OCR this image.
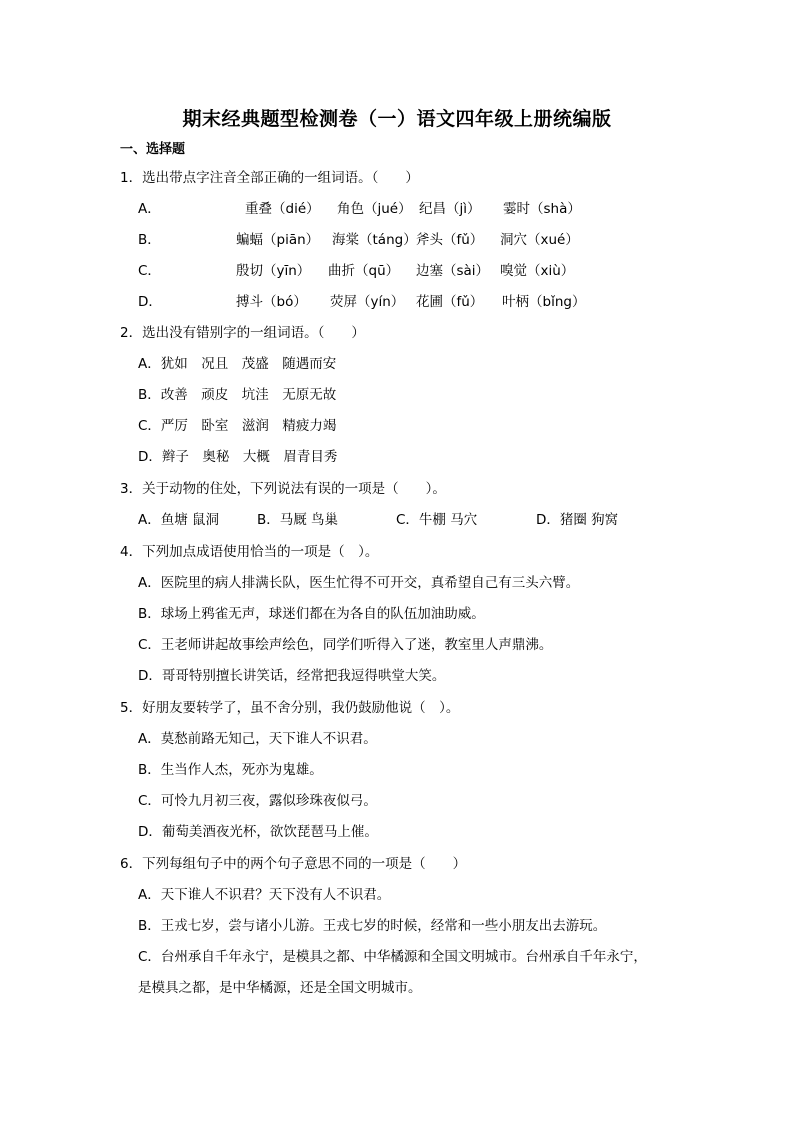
期末经典题型检测卷（一）语文四年级上册统编版
一、选择题
1．选出带点字注音全部正确的一组词语。（　　）
A．	重叠（dié）	角色（jué） 纪昌（jì）	霎时（shà）
B．	蝙蝠（piān） 海棠（táng） 斧头（fǔ）	洞穴（xué）
C．	殷切（yīn）	曲折（qū）	边塞（sài） 嗅觉（xiù）
D．	搏斗（bó）	荧屏（yín） 花圃（fǔ）	叶柄（bǐng）
2．选出没有错别字的一组词语。（　　）
A．犹如　况且　茂盛　随遇而安
B．改善　顽皮　坑洼　无原无故
C．严厉　卧室　滋润　精疲力竭
D．辫子　奥秘　大概　眉青目秀
3．关于动物的住处，下列说法有误的一项是（　　）。
A．鱼塘 鼠洞	B．马厩 鸟巢	C．牛棚 马穴	D．猪圈 狗窝
4．下列加点成语使用恰当的一项是（　）。
A．医院里的病人排满长队，医生忙得不可开交，真希望自己有三头六臂。
B．球场上鸦雀无声，球迷们都在为各自的队伍加油助威。
C．王老师讲起故事绘声绘色，同学们听得入了迷，教室里人声鼎沸。
D．哥哥特别擅长讲笑话，经常把我逗得哄堂大笑。
5．好朋友要转学了，虽不舍分别，我仍鼓励他说（　）。
A．莫愁前路无知己，天下谁人不识君。
B．生当作人杰，死亦为鬼雄。
C．可怜九月初三夜，露似珍珠夜似弓。
D．葡萄美酒夜光杯，欲饮琵琶马上催。
6．下列每组句子中的两个句子意思不同的一项是（　　）
A．天下谁人不识君？天下没有人不识君。
B．王戎七岁，尝与诸小儿游。王戎七岁的时候，经常和一些小朋友出去游玩。
C．台州承自千年永宁，是模具之都、中华橘源和全国文明城市。台州承自千年永宁，
是模具之都，是中华橘源，还是全国文明城市。
